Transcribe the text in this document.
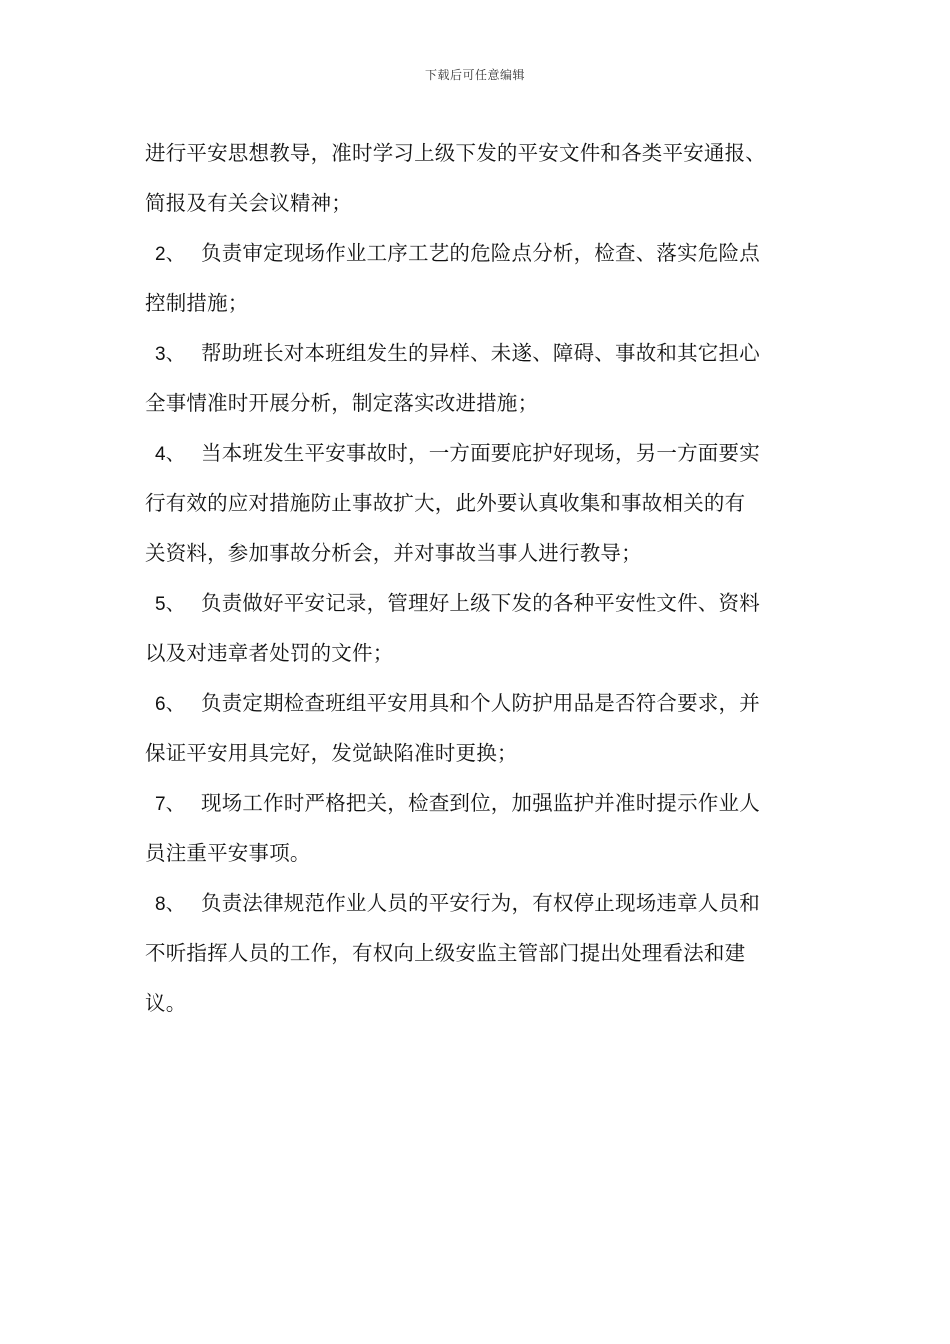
下载后可任意编辑
进行平安思想教导，准时学习上级下发的平安文件和各类平安通报、
简报及有关会议精神；
2、 负责审定现场作业工序工艺的危险点分析，检查、落实危险点
控制措施；
3、 帮助班长对本班组发生的异样、未遂、障碍、事故和其它担心
全事情准时开展分析，制定落实改进措施；
4、 当本班发生平安事故时，一方面要庇护好现场，另一方面要实
行有效的应对措施防止事故扩大，此外要认真收集和事故相关的有
关资料，参加事故分析会，并对事故当事人进行教导；
5、 负责做好平安记录，管理好上级下发的各种平安性文件、资料
以及对违章者处罚的文件；
6、 负责定期检查班组平安用具和个人防护用品是否符合要求，并
保证平安用具完好，发觉缺陷准时更换；
7、 现场工作时严格把关，检查到位，加强监护并准时提示作业人
员注重平安事项。
8、 负责法律规范作业人员的平安行为，有权停止现场违章人员和
不听指挥人员的工作，有权向上级安监主管部门提出处理看法和建
议。
